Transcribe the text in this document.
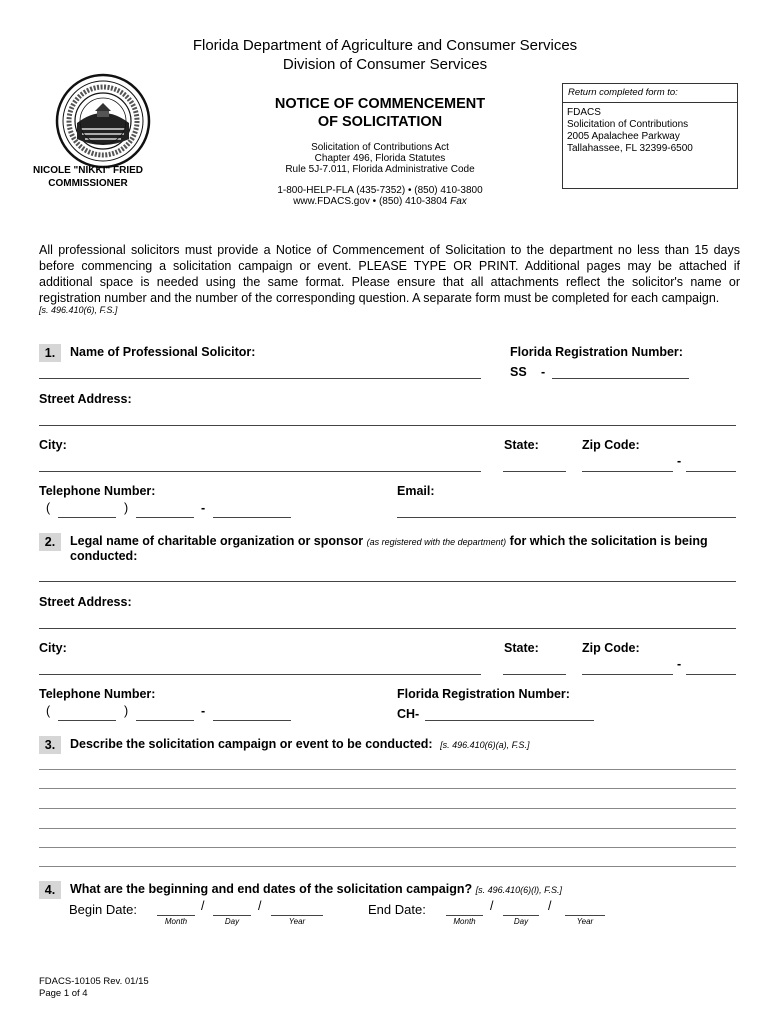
Florida Department of Agriculture and Consumer Services
Division of Consumer Services
NICOLE "NIKKI" FRIED
COMMISSIONER
NOTICE OF COMMENCEMENT
OF SOLICITATION
Solicitation of Contributions Act
Chapter 496, Florida Statutes
Rule 5J-7.011, Florida Administrative Code
1-800-HELP-FLA (435-7352) • (850) 410-3800
www.FDACS.gov • (850) 410-3804 Fax
Return completed form to:
FDACS
Solicitation of Contributions
2005 Apalachee Parkway
Tallahassee, FL 32399-6500
All professional solicitors must provide a Notice of Commencement of Solicitation to the department no less than 15 days before commencing a solicitation campaign or event. PLEASE TYPE OR PRINT. Additional pages may be attached if additional space is needed using the same format. Please ensure that all attachments reflect the solicitor's name or registration number and the number of the corresponding question. A separate form must be completed for each campaign.
[s. 496.410(6), F.S.]
1.	Name of Professional Solicitor:	Florida Registration Number:
SS -
Street Address:
City:	State:	Zip Code:
-
Telephone Number:
(	)	-
Email:
2.	Legal name of charitable organization or sponsor (as registered with the department) for which the solicitation is being
conducted:
Street Address:
City:	State:	Zip Code:
-
Telephone Number:
(	)	-
Florida Registration Number:
CH-
3.	Describe the solicitation campaign or event to be conducted: [s. 496.410(6)(a), F.S.]
4.	What are the beginning and end dates of the solicitation campaign? [s. 496.410(6)(l), F.S.]
Begin Date:	/	/
Month	Day	Year
End Date:	/	/
Month	Day	Year
FDACS-10105 Rev. 01/15
Page 1 of 4
